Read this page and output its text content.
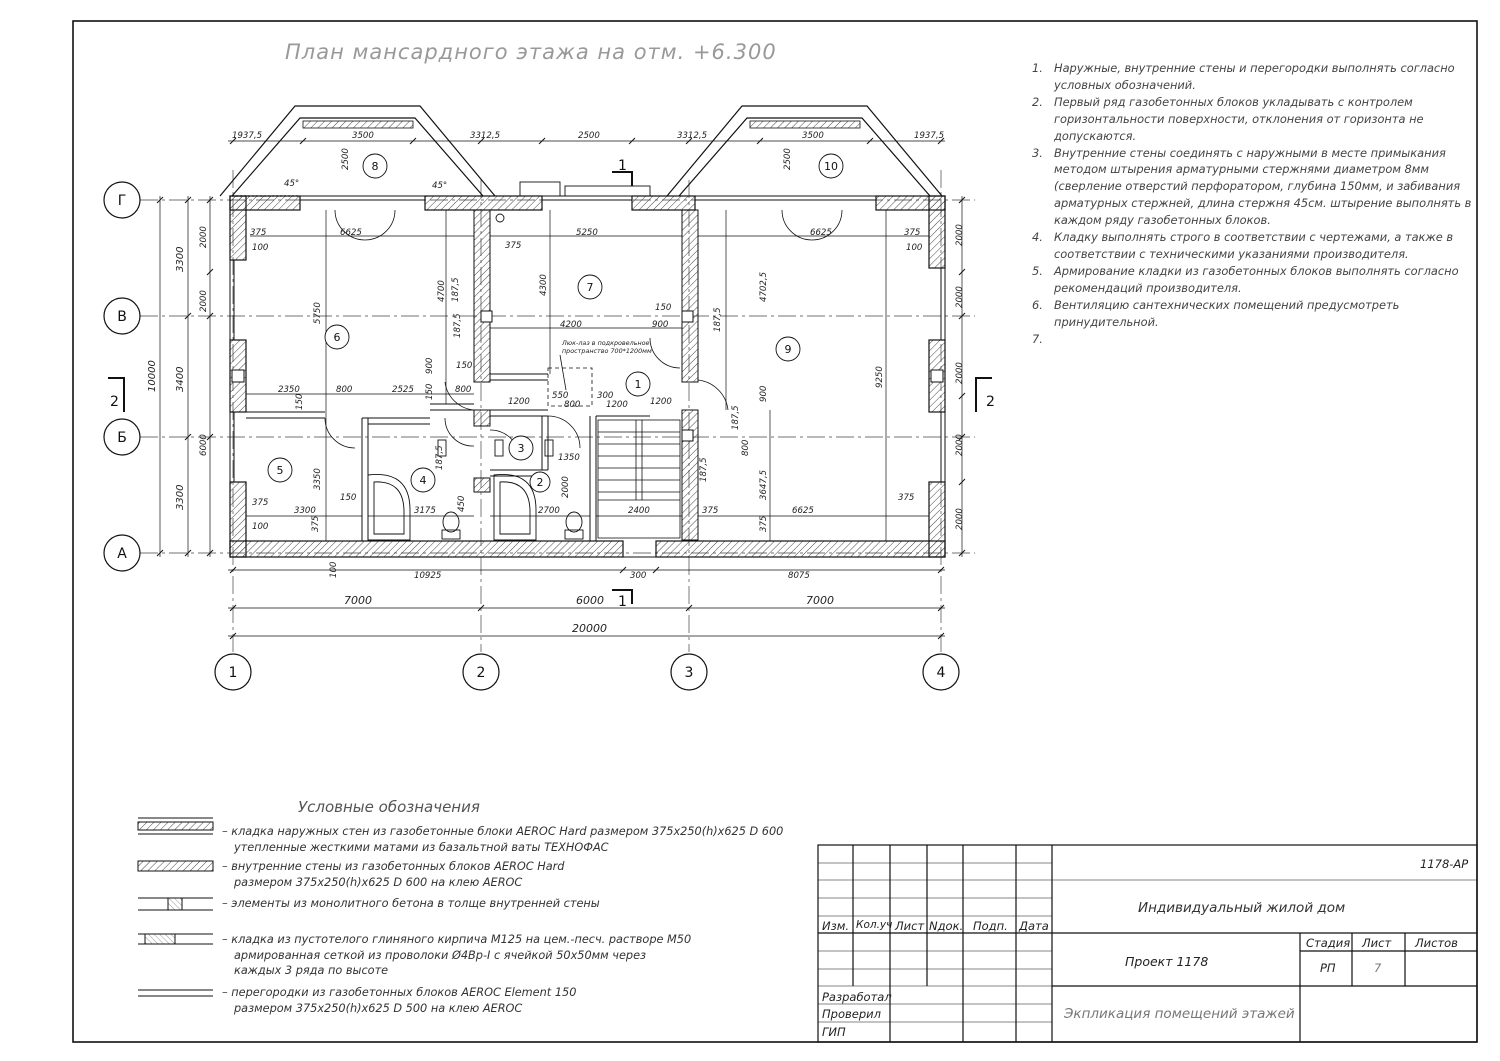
1	2	3	4
Г
В
Б
А
1
2
3
4
5
6
7
8
9
10
2	2
1
1
Люк-лаз в подкровельное
пространство 700*1200мм
1937,5	3500	3312,5	2500	3312,5	3500	1937,5
10925	300	8075
7000	6000	7000
20000
3300
3400
3300
10000
2000
2000
6000
2000
2000
2000
2000
2000
375
100
6625	5250
375
6625	375
100
4700 187,5	4300
150
4200	900
4702,5
5750
9250
2350	800	2525
150
900
800
150
150
1200
550
800
300
1200	1200	900
187,5
1350
2000	3647,5
800
187,5
3350
3300
150
3175 450	2700	2400	375	6625
375
375
100	375
100
375
2500	2500
45°	45°
187,5
187,5	187,5
План мансардного этажа на отм. +6.300
1. Наружные, внутренние стены и перегородки выполнять согласно условных обозначений.
2. Первый ряд газобетонных блоков укладывать с контролем горизонтальности поверхности, отклонения от горизонта не допускаются.
3. Внутренние стены соединять с наружными в месте примыкания методом штырения арматурными стержнями диаметром 8мм (сверление отверстий перфоратором, глубина 150мм, и забивания арматурных стержней, длина стержня 45см. штырение выполнять в каждом ряду газобетонных блоков.
4. Кладку выполнять строго в соответствии с чертежами, а также в соответствии с техническими указаниями производителя.
5. Армирование кладки из газобетонных блоков выполнять согласно рекомендаций производителя.
6. Вентиляцию сантехнических помещений предусмотреть принудительной.
7.
Условные обозначения
– кладка наружных стен из газобетонные блоки AEROC Hard размером 375x250(h)x625 D 600
утепленные жесткими матами из базальтной ваты ТЕХНОФАС
– внутренние стены из газобетонных блоков AEROC Hard
размером 375x250(h)x625 D 600 на клею AEROC
– элементы из монолитного бетона в толще внутренней стены
– кладка из пустотелого глиняного кирпича М125 на цем.-песч. растворе М50
армированная сеткой из проволоки Ø4Вр-I с ячейкой 50х50мм через
каждых 3 ряда по высоте
– перегородки из газобетонных блоков AEROC Element 150
размером 375x250(h)x625 D 500 на клею AEROC
1178-АР
Индивидуальный жилой дом
Проект 1178
Экпликация помещений этажей
Изм. Кол.уч Лист Nдок. Подп. Дата
Стадия Лист Листов
РП	7
Разработал
Проверил
ГИП
